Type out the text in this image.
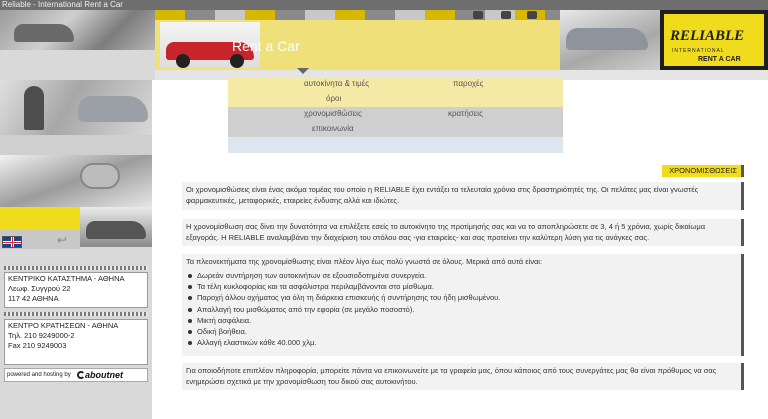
Reliable - International Rent a Car
Rent a Car
RELIABLE
INTERNATIONAL
RENT A CAR
↩
ΚΕΝΤΡΙΚΟ ΚΑΤΑΣΤΗΜΑ - ΑΘΗΝΑ
Λεωφ. Συγγρού 22
117 42 ΑΘΗΝΑ
ΚΕΝΤΡΟ ΚΡΑΤΗΣΕΩΝ - ΑΘΗΝΑ
Τηλ. 210 9249000-2
Fax 210 9249003
powered and hosting by aboutnet
αυτοκίνητα & τιμές	παροχές
όροι
χρονομισθώσεις	κρατήσεις
επικοινωνία
ΧΡΟΝΟΜΙΣΘΩΣΕΙΣ
Οι χρονομισθώσεις είναι ένας ακόμα τομέας του οποίο η RELIABLE έχει εντάξει τα τελευταία χρόνια στις δραστηριότητές της. Οι πελάτες μας είναι γνωστές φαρμακευτικές, μεταφορικές, εταιρείες ένδυσης αλλά και ιδιώτες.
Η χρονομίσθωση σας δίνει την δυνατότητα να επιλέξετε εσείς το αυτοκίνητο της προτίμησής σας και να το αποπληρώσετε σε 3, 4 ή 5 χρόνια, χωρίς δικαίωμα εξαγοράς. Η RELIABLE αναλαμβάνει την διαχείριση του στόλου σας -για εταιρείες- και σας προτείνει την καλύτερη λύση για τις ανάγκες σας.
Τα πλεονεκτήματα της χρονομίσθωσης είναι πλέον λίγο έως πολύ γνωστά σε όλους. Μερικά από αυτά είναι:
Δωρεάν συντήρηση των αυτοκινήτων σε εξουσιοδοτημένα συνεργεία.
Τα τέλη κυκλοφορίας και τα ασφάλιστρα περιλαμβάνονται στο μίσθωμα.
Παροχή άλλου οχήματος για όλη τη διάρκεια επισκευής ή συντήρησης του ήδη μισθωμένου.
Απαλλαγή του μισθώματος από την εφορία (σε μεγάλο ποσοστό).
Μικτή ασφάλεια.
Οδική βοήθεια.
Αλλαγή ελαστικών κάθε 40.000 χλμ.
Για οποιοδήποτε επιπλέον πληροφορία, μπορείτε πάντα να επικοινωνείτε με τα γραφεία μας, όπου κάποιος από τους συνεργάτες μας θα είναι πρόθυμος να σας ενημερώσει σχετικά με την χρονομίσθωση του δικού σας αυτοκινήτου.
